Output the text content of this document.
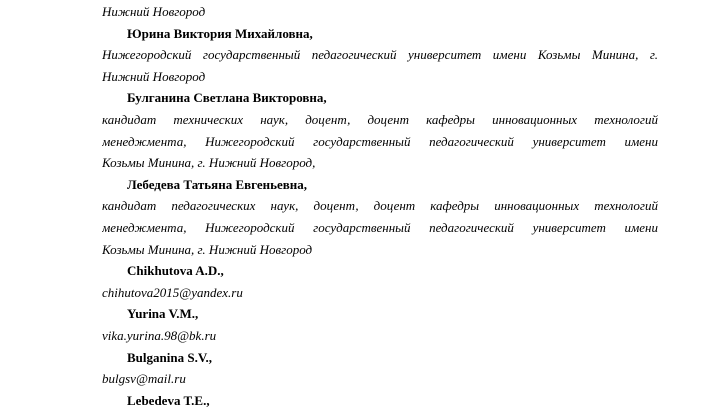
Нижний Новгород
Юрина Виктория Михайловна,
Нижегородский государственный педагогический университет имени Козьмы Минина, г.
Нижний Новгород
Булганина Светлана Викторовна,
кандидат технических наук, доцент, доцент кафедры инновационных технологий
менеджмента, Нижегородский государственный педагогический университет имени
Козьмы Минина, г. Нижний Новгород,
Лебедева Татьяна Евгеньевна,
кандидат педагогических наук, доцент, доцент кафедры инновационных технологий
менеджмента, Нижегородский государственный педагогический университет имени
Козьмы Минина, г. Нижний Новгород
Chikhutova A.D.,
chihutova2015@yandex.ru
Yurina V.M.,
vika.yurina.98@bk.ru
Bulganina S.V.,
bulgsv@mail.ru
Lebedeva T.E.,
